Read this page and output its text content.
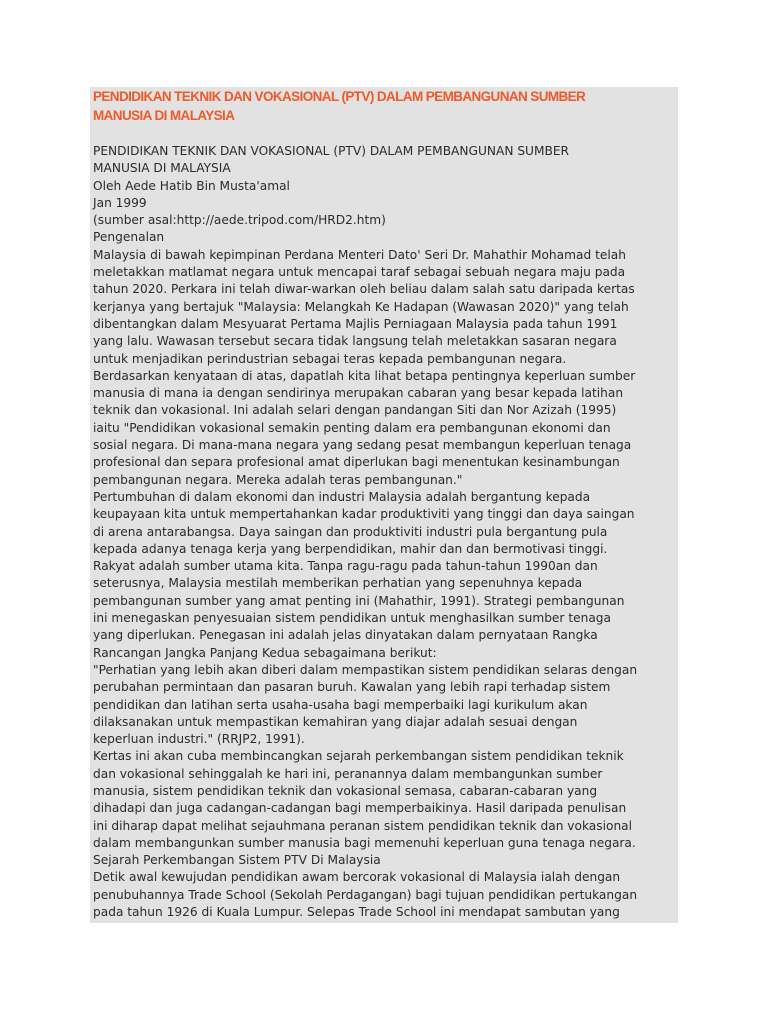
PENDIDIKAN TEKNIK DAN VOKASIONAL (PTV) DALAM PEMBANGUNAN SUMBER
MANUSIA DI MALAYSIA
PENDIDIKAN TEKNIK DAN VOKASIONAL (PTV) DALAM PEMBANGUNAN SUMBER
MANUSIA DI MALAYSIA
Oleh Aede Hatib Bin Musta'amal
Jan 1999
(sumber asal:http://aede.tripod.com/HRD2.htm)
Pengenalan
Malaysia di bawah kepimpinan Perdana Menteri Dato' Seri Dr. Mahathir Mohamad telah
meletakkan matlamat negara untuk mencapai taraf sebagai sebuah negara maju pada
tahun 2020. Perkara ini telah diwar-warkan oleh beliau dalam salah satu daripada kertas
kerjanya yang bertajuk "Malaysia: Melangkah Ke Hadapan (Wawasan 2020)" yang telah
dibentangkan dalam Mesyuarat Pertama Majlis Perniagaan Malaysia pada tahun 1991
yang lalu. Wawasan tersebut secara tidak langsung telah meletakkan sasaran negara
untuk menjadikan perindustrian sebagai teras kepada pembangunan negara.
Berdasarkan kenyataan di atas, dapatlah kita lihat betapa pentingnya keperluan sumber
manusia di mana ia dengan sendirinya merupakan cabaran yang besar kepada latihan
teknik dan vokasional. Ini adalah selari dengan pandangan Siti dan Nor Azizah (1995)
iaitu "Pendidikan vokasional semakin penting dalam era pembangunan ekonomi dan
sosial negara. Di mana-mana negara yang sedang pesat membangun keperluan tenaga
profesional dan separa profesional amat diperlukan bagi menentukan kesinambungan
pembangunan negara. Mereka adalah teras pembangunan."
Pertumbuhan di dalam ekonomi dan industri Malaysia adalah bergantung kepada
keupayaan kita untuk mempertahankan kadar produktiviti yang tinggi dan daya saingan
di arena antarabangsa. Daya saingan dan produktiviti industri pula bergantung pula
kepada adanya tenaga kerja yang berpendidikan, mahir dan dan bermotivasi tinggi.
Rakyat adalah sumber utama kita. Tanpa ragu-ragu pada tahun-tahun 1990an dan
seterusnya, Malaysia mestilah memberikan perhatian yang sepenuhnya kepada
pembangunan sumber yang amat penting ini (Mahathir, 1991). Strategi pembangunan
ini menegaskan penyesuaian sistem pendidikan untuk menghasilkan sumber tenaga
yang diperlukan. Penegasan ini adalah jelas dinyatakan dalam pernyataan Rangka
Rancangan Jangka Panjang Kedua sebagaimana berikut:
"Perhatian yang lebih akan diberi dalam mempastikan sistem pendidikan selaras dengan
perubahan permintaan dan pasaran buruh. Kawalan yang lebih rapi terhadap sistem
pendidikan dan latihan serta usaha-usaha bagi memperbaiki lagi kurikulum akan
dilaksanakan untuk mempastikan kemahiran yang diajar adalah sesuai dengan
keperluan industri." (RRJP2, 1991).
Kertas ini akan cuba membincangkan sejarah perkembangan sistem pendidikan teknik
dan vokasional sehinggalah ke hari ini, peranannya dalam membangunkan sumber
manusia, sistem pendidikan teknik dan vokasional semasa, cabaran-cabaran yang
dihadapi dan juga cadangan-cadangan bagi memperbaikinya. Hasil daripada penulisan
ini diharap dapat melihat sejauhmana peranan sistem pendidikan teknik dan vokasional
dalam membangunkan sumber manusia bagi memenuhi keperluan guna tenaga negara.
Sejarah Perkembangan Sistem PTV Di Malaysia
Detik awal kewujudan pendidikan awam bercorak vokasional di Malaysia ialah dengan
penubuhannya Trade School (Sekolah Perdagangan) bagi tujuan pendidikan pertukangan
pada tahun 1926 di Kuala Lumpur. Selepas Trade School ini mendapat sambutan yang
